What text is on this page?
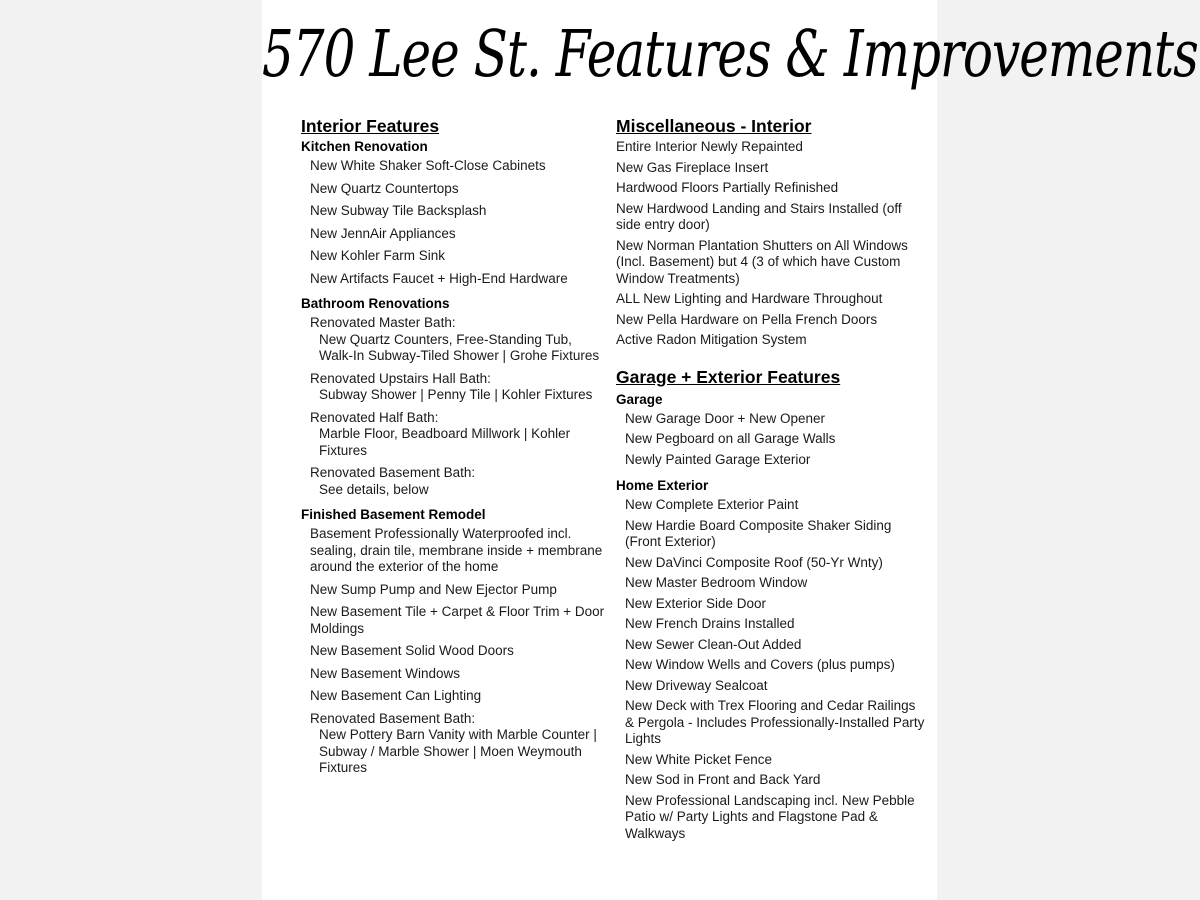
570 Lee St. Features & Improvements
Interior Features
Kitchen Renovation
New White Shaker Soft-Close Cabinets
New Quartz Countertops
New Subway Tile Backsplash
New JennAir Appliances
New Kohler Farm Sink
New Artifacts Faucet + High-End Hardware
Bathroom Renovations
Renovated Master Bath:
New Quartz Counters, Free-Standing Tub, Walk-In Subway-Tiled Shower | Grohe Fixtures
Renovated Upstairs Hall Bath:
Subway Shower | Penny Tile | Kohler Fixtures
Renovated Half Bath:
Marble Floor, Beadboard Millwork | Kohler Fixtures
Renovated Basement Bath:
See details, below
Finished Basement Remodel
Basement Professionally Waterproofed incl. sealing, drain tile, membrane inside + membrane around the exterior of the home
New Sump Pump and New Ejector Pump
New Basement Tile + Carpet & Floor Trim + Door Moldings
New Basement Solid Wood Doors
New Basement Windows
New Basement Can Lighting
Renovated Basement Bath:
New Pottery Barn Vanity with Marble Counter | Subway / Marble Shower | Moen Weymouth Fixtures
Miscellaneous - Interior
Entire Interior Newly Repainted
New Gas Fireplace Insert
Hardwood Floors Partially Refinished
New Hardwood Landing and Stairs Installed (off side entry door)
New Norman Plantation Shutters on All Windows (Incl. Basement) but 4 (3 of which have Custom Window Treatments)
ALL New Lighting and Hardware Throughout
New Pella Hardware on Pella French Doors
Active Radon Mitigation System
Garage + Exterior Features
Garage
New Garage Door + New Opener
New Pegboard on all Garage Walls
Newly Painted Garage Exterior
Home Exterior
New Complete Exterior Paint
New Hardie Board Composite Shaker Siding (Front Exterior)
New DaVinci Composite Roof (50-Yr Wnty)
New Master Bedroom Window
New Exterior Side Door
New French Drains Installed
New Sewer Clean-Out Added
New Window Wells and Covers (plus pumps)
New Driveway Sealcoat
New Deck with Trex Flooring and Cedar Railings & Pergola - Includes Professionally-Installed Party Lights
New White Picket Fence
New Sod in Front and Back Yard
New Professional Landscaping incl. New Pebble Patio w/ Party Lights and Flagstone Pad & Walkways
